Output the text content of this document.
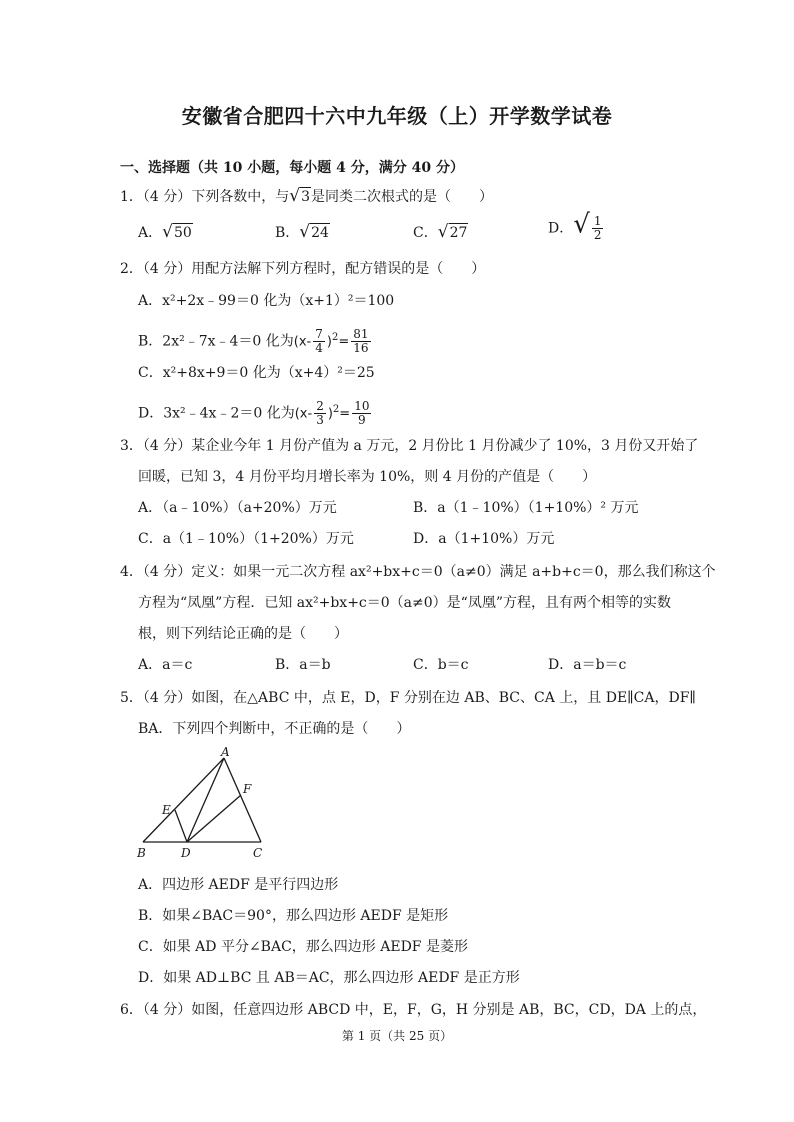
安徽省合肥四十六中九年级（上）开学数学试卷
一、选择题（共 10 小题，每小题 4 分，满分 40 分）
1．（4 分）下列各数中，与√3是同类二次根式的是（　　）
A．√50	B．√24	C．√27	D．√ $\frac{1}{2}$
2．（4 分）用配方法解下列方程时，配方错误的是（　　）
A．x²+2x﹣99＝0 化为（x+1）²＝100
B．2x²﹣7x﹣4＝0 化为$(x- \frac{7}{4} )^2= \frac{81}{16}$
C．x²+8x+9＝0 化为（x+4）²＝25
D．3x²﹣4x﹣2＝0 化为$(x- \frac{2}{3} )^2= \frac{10}{9}$
3．（4 分）某企业今年 1 月份产值为 a 万元，2 月份比 1 月份减少了 10%，3 月份又开始了
回暖，已知 3，4 月份平均月增长率为 10%，则 4 月份的产值是（　　）
A．（a﹣10%）（a+20%）万元	B．a（1﹣10%）（1+10%）² 万元
C．a（1﹣10%）（1+20%）万元	D．a（1+10%）万元
4．（4 分）定义：如果一元二次方程 ax²+bx+c＝0（a≠0）满足 a+b+c＝0，那么我们称这个
方程为“凤凰”方程．已知 ax²+bx+c＝0（a≠0）是“凤凰”方程，且有两个相等的实数
根，则下列结论正确的是（　　）
A．a＝c	B．a＝b	C．b＝c	D．a＝b＝c
5．（4 分）如图，在△ABC 中，点 E，D，F 分别在边 AB、BC、CA 上，且 DE∥CA，DF∥
BA．下列四个判断中，不正确的是（　　）
A
B	C
D
E
F
A．四边形 AEDF 是平行四边形
B．如果∠BAC＝90°，那么四边形 AEDF 是矩形
C．如果 AD 平分∠BAC，那么四边形 AEDF 是菱形
D．如果 AD⊥BC 且 AB＝AC，那么四边形 AEDF 是正方形
6．（4 分）如图，任意四边形 ABCD 中，E，F，G，H 分别是 AB，BC，CD，DA 上的点，
第 1 页（共 25 页）
